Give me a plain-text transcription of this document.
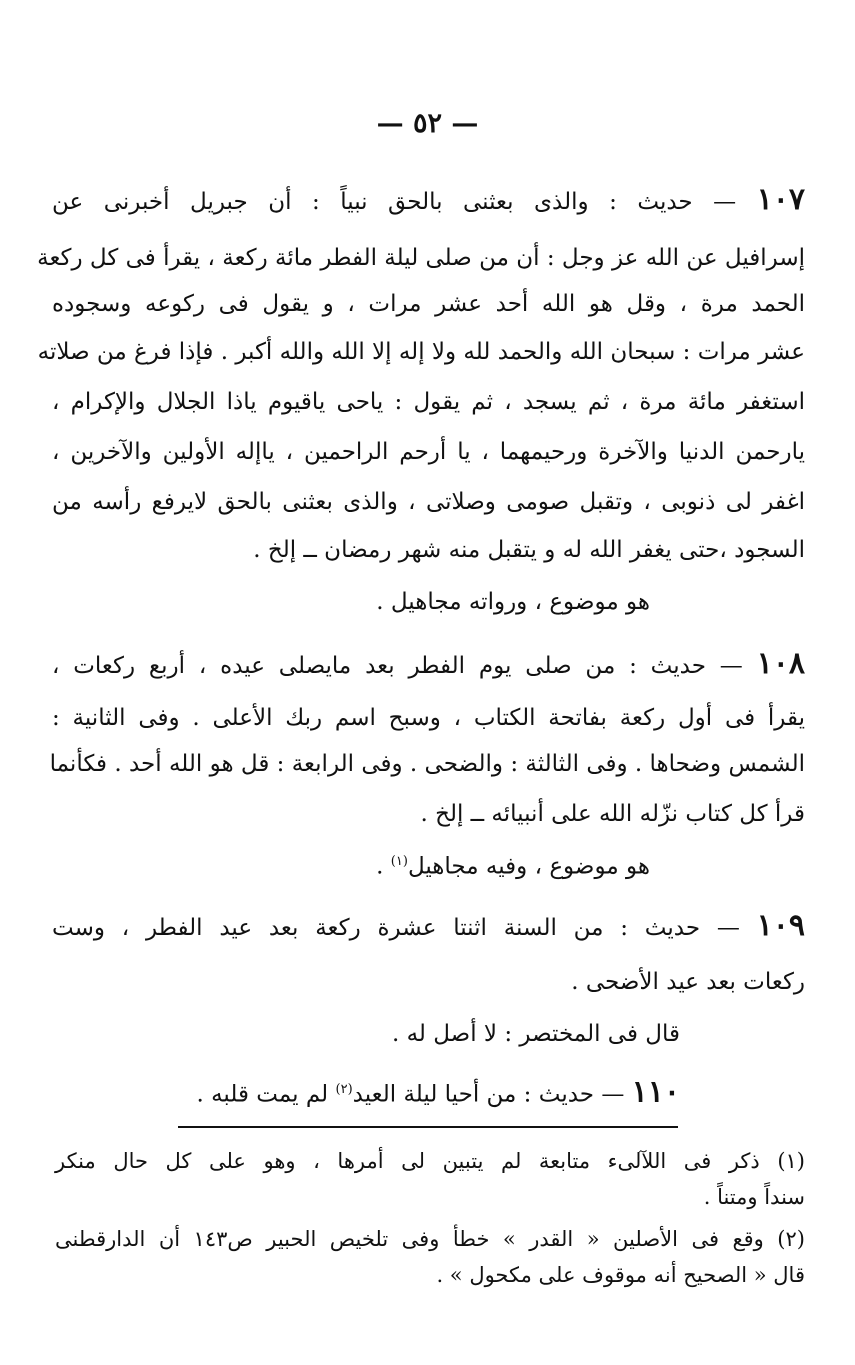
— ٥٢ —
١٠٧ — حديث : والذى بعثنى بالحق نبياً : أن جبريل أخبرنى عن
إسرافيل عن الله عز وجل : أن من صلى ليلة الفطر مائة ركعة ، يقرأ فى كل ركعة
الحمد مرة ، وقل هو الله أحد عشر مرات ، و يقول فى ركوعه وسجوده
عشر مرات : سبحان الله والحمد لله ولا إله إلا الله والله أكبر . فإذا فرغ من صلاته
استغفر مائة مرة ، ثم يسجد ، ثم يقول : ياحى ياقيوم ياذا الجلال والإكرام ،
يارحمن الدنيا والآخرة ورحيمهما ، يا أرحم الراحمين ، ياإله الأولين والآخرين ،
اغفر لى ذنوبى ، وتقبل صومى وصلاتى ، والذى بعثنى بالحق لايرفع رأسه من
السجود ،حتى يغفر الله له و يتقبل منه شهر رمضان ــ إلخ .
هو موضوع ، ورواته مجاهيل .
١٠٨ — حديث : من صلى يوم الفطر بعد مايصلى عيده ، أربع ركعات ،
يقرأ فى أول ركعة بفاتحة الكتاب ، وسبح اسم ربك الأعلى . وفى الثانية :
الشمس وضحاها . وفى الثالثة : والضحى . وفى الرابعة : قل هو الله أحد . فكأنما
قرأ كل كتاب نزّله الله على أنبيائه ــ إلخ .
هو موضوع ، وفيه مجاهيل$^{(١)}$ .
١٠٩ — حديث : من السنة اثنتا عشرة ركعة بعد عيد الفطر ، وست
ركعات بعد عيد الأضحى .
قال فى المختصر : لا أصل له .
١١٠ — حديث : من أحيا ليلة العيد$^{(٢)}$ لم يمت قلبه .
(١) ذكر فى اللآلىء متابعة لم يتبين لى أمرها ، وهو على كل حال منكر
سنداً ومتناً .
(٢) وقع فى الأصلين « القدر » خطأ وفى تلخيص الحبير ص١٤٣ أن الدارقطنى
قال « الصحيح أنه موقوف على مكحول » .
